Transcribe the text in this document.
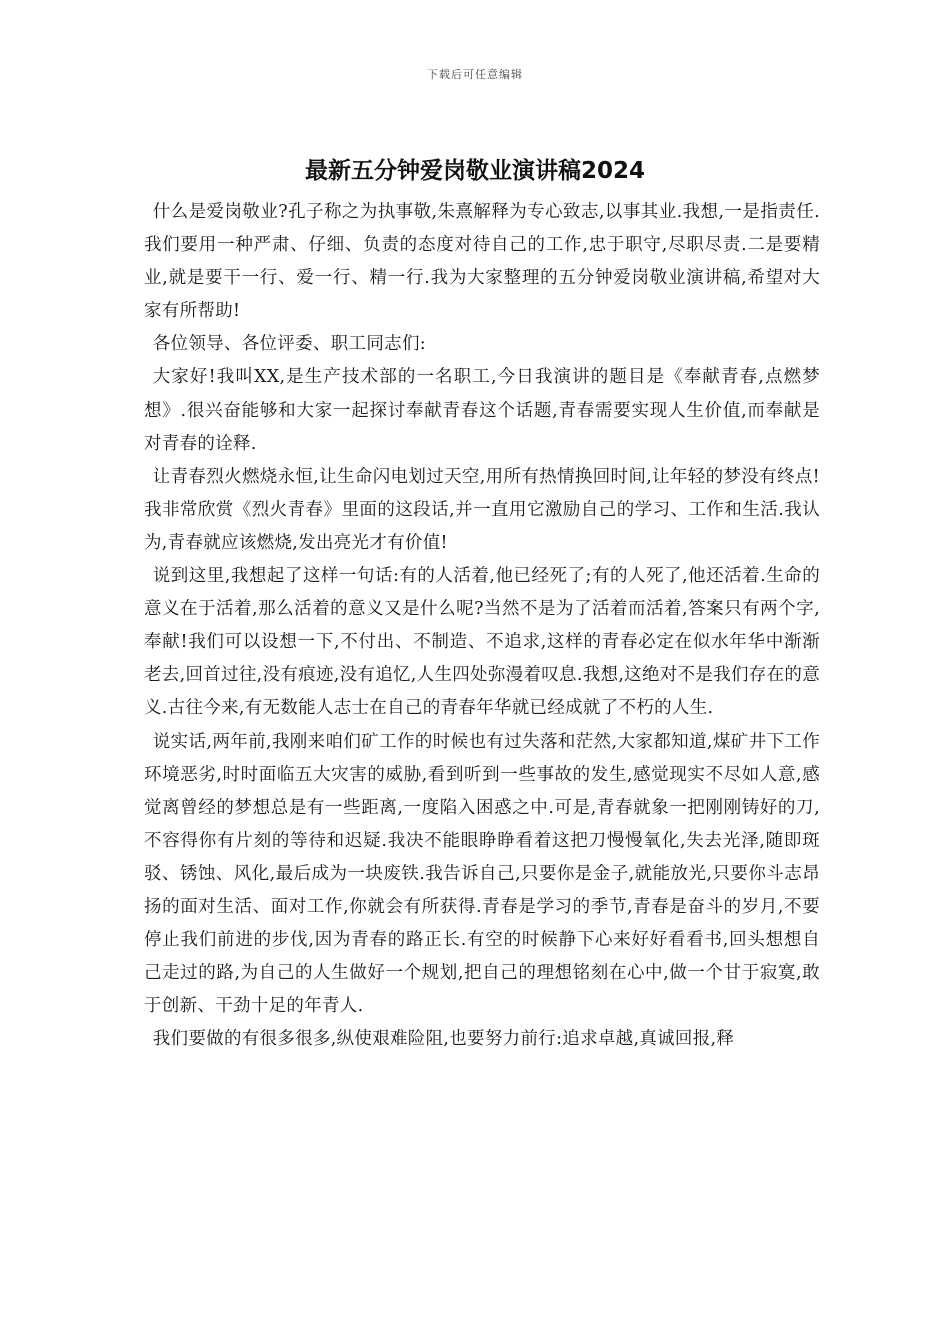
下载后可任意编辑
最新五分钟爱岗敬业演讲稿2024

什么是爱岗敬业?孔子称之为执事敬,朱熹解释为专心致志,以事其业.我想,一是指责任.我们要用一种严肃、仔细、负责的态度对待自己的工作,忠于职守,尽职尽责.二是要精业,就是要干一行、爱一行、精一行.我为大家整理的五分钟爱岗敬业演讲稿,希望对大家有所帮助!

各位领导、各位评委、职工同志们:

大家好!我叫XX,是生产技术部的一名职工,今日我演讲的题目是《奉献青春,点燃梦想》.很兴奋能够和大家一起探讨奉献青春这个话题,青春需要实现人生价值,而奉献是对青春的诠释.

让青春烈火燃烧永恒,让生命闪电划过天空,用所有热情换回时间,让年轻的梦没有终点!我非常欣赏《烈火青春》里面的这段话,并一直用它激励自己的学习、工作和生活.我认为,青春就应该燃烧,发出亮光才有价值!

说到这里,我想起了这样一句话:有的人活着,他已经死了;有的人死了,他还活着.生命的意义在于活着,那么活着的意义又是什么呢?当然不是为了活着而活着,答案只有两个字,奉献!我们可以设想一下,不付出、不制造、不追求,这样的青春必定在似水年华中渐渐老去,回首过往,没有痕迹,没有追忆,人生四处弥漫着叹息.我想,这绝对不是我们存在的意义.古往今来,有无数能人志士在自己的青春年华就已经成就了不朽的人生.

说实话,两年前,我刚来咱们矿工作的时候也有过失落和茫然,大家都知道,煤矿井下工作环境恶劣,时时面临五大灾害的威胁,看到听到一些事故的发生,感觉现实不尽如人意,感觉离曾经的梦想总是有一些距离,一度陷入困惑之中.可是,青春就象一把刚刚铸好的刀,不容得你有片刻的等待和迟疑.我决不能眼睁睁看着这把刀慢慢氧化,失去光泽,随即斑驳、锈蚀、风化,最后成为一块废铁.我告诉自己,只要你是金子,就能放光,只要你斗志昂扬的面对生活、面对工作,你就会有所获得.青春是学习的季节,青春是奋斗的岁月,不要停止我们前进的步伐,因为青春的路正长.有空的时候静下心来好好看看书,回头想想自己走过的路,为自己的人生做好一个规划,把自己的理想铭刻在心中,做一个甘于寂寞,敢于创新、干劲十足的年青人.

我们要做的有很多很多,纵使艰难险阻,也要努力前行:追求卓越,真诚回报,释
